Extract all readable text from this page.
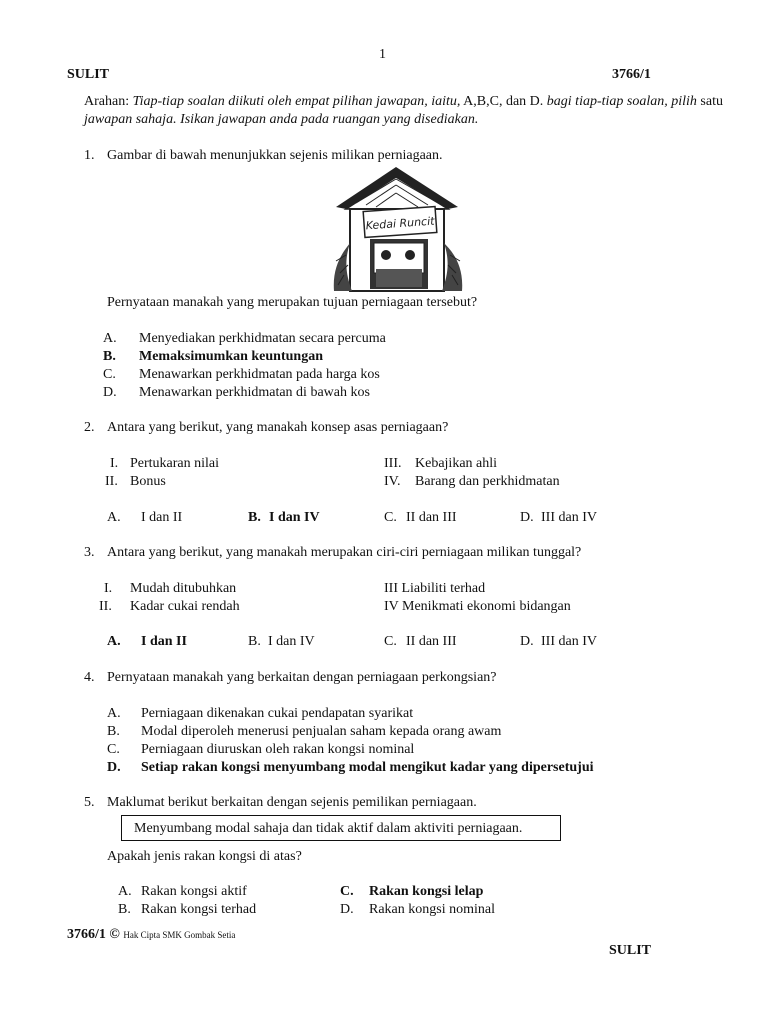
1
SULIT	3766/1
Arahan: Tiap-tiap soalan diikuti oleh empat pilihan jawapan, iaitu, A,B,C, dan D. bagi tiap-tiap soalan, pilih satu jawapan sahaja. Isikan jawapan anda pada ruangan yang disediakan.
1. Gambar di bawah menunjukkan sejenis milikan perniagaan.
Kedai Runcit
Pernyataan manakah yang merupakan tujuan perniagaan tersebut?
A. Menyediakan perkhidmatan secara percuma
B. Memaksimumkan keuntungan
C. Menawarkan perkhidmatan pada harga kos
D. Menawarkan perkhidmatan di bawah kos
2. Antara yang berikut, yang manakah konsep asas perniagaan?
I. Pertukaran nilai
II. Bonus
III. Kebajikan ahli
IV. Barang dan perkhidmatan
A. I dan II	B. I dan IV	C. II dan III	D. III dan IV
3. Antara yang berikut, yang manakah merupakan ciri-ciri perniagaan milikan tunggal?
I. Mudah ditubuhkan
II. Kadar cukai rendah
III Liabiliti terhad
IV Menikmati ekonomi bidangan
A. I dan II	B. I dan IV	C. II dan III	D. III dan IV
4. Pernyataan manakah yang berkaitan dengan perniagaan perkongsian?
A. Perniagaan dikenakan cukai pendapatan syarikat
B. Modal diperoleh menerusi penjualan saham kepada orang awam
C. Perniagaan diuruskan oleh rakan kongsi nominal
D. Setiap rakan kongsi menyumbang modal mengikut kadar yang dipersetujui
5. Maklumat berikut berkaitan dengan sejenis pemilikan perniagaan.
Menyumbang modal sahaja dan tidak aktif dalam aktiviti perniagaan.
Apakah jenis rakan kongsi di atas?
A. Rakan kongsi aktif
B. Rakan kongsi terhad
C. Rakan kongsi lelap
D. Rakan kongsi nominal
3766/1 © Hak Cipta SMK Gombak Setia
SULIT
